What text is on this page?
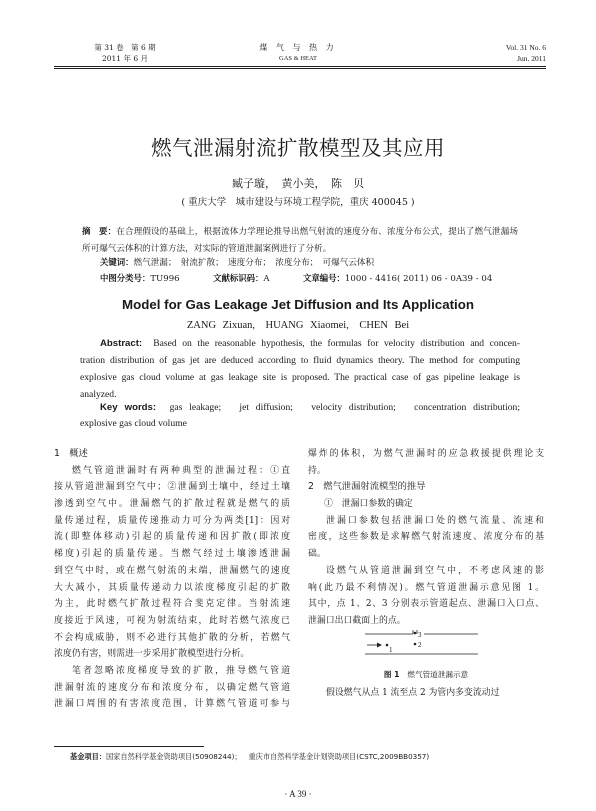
第 31 卷　第 6 期
2011 年 6 月
煤 气 与 热 力
GAS & HEAT
Vol. 31 No. 6
Jun. 2011
燃气泄漏射流扩散模型及其应用
臧子璇，　黄小美，　陈　贝
( 重庆大学　城市建设与环境工程学院，重庆 400045 )
摘　要：在合理假设的基础上，根据流体力学理论推导出燃气射流的速度分布、浓度分布公式，提出了燃气泄漏场所可爆气云体积的计算方法，对实际的管道泄漏案例进行了分析。
关键词：燃气泄漏；　射流扩散；　速度分布；　浓度分布；　可爆气云体积
中图分类号：TU996	文献标识码：A	文章编号：1000 - 4416( 2011) 06 - 0A39 - 04
Model for Gas Leakage Jet Diffusion and Its Application
ZANG Zixuan,　HUANG Xiaomei,　CHEN Bei
Abstract: Based on the reasonable hypothesis, the formulas for velocity distribution and concen-
tration distribution of gas jet are deduced according to fluid dynamics theory. The method for computing
explosive gas cloud volume at gas leakage site is proposed. The practical case of gas pipeline leakage is
analyzed.
Key words: gas leakage;　jet diffusion;　velocity distribution;　concentration distribution;
explosive gas cloud volume
1　概述
燃气管道泄漏时有两种典型的泄漏过程：①直
接从管道泄漏到空气中；②泄漏到土壤中，经过土壤
渗透到空气中。泄漏燃气的扩散过程就是燃气的质
量传递过程，质量传递推动力可分为两类[1]：因对
流(即整体移动)引起的质量传递和因扩散(即浓度
梯度)引起的质量传递。当燃气经过土壤渗透泄漏
到空气中时，或在燃气射流的末端，泄漏燃气的速度
大大减小，其质量传递动力以浓度梯度引起的扩散
为主，此时燃气扩散过程符合斐克定律。当射流速
度接近于风速，可视为射流结束，此时若燃气浓度已
不会构成威胁，则不必进行其他扩散的分析，若燃气
浓度仍有害，则需进一步采用扩散模型进行分析。
笔者忽略浓度梯度导致的扩散，推导燃气管道
泄漏射流的速度分布和浓度分布，以确定燃气管道
泄漏口周围的有害浓度范围，计算燃气管道可参与
爆炸的体积，为燃气泄漏时的应急救援提供理论支
持。
2　燃气泄漏射流模型的推导
①　泄漏口参数的确定
泄漏口参数包括泄漏口处的燃气流量、流速和
密度，这些参数是求解燃气射流速度、浓度分布的基
础。
设燃气从管道泄漏到空气中，不考虑风速的影
响(此乃最不利情况)。燃气管道泄漏示意见图 1。
其中，点 1、2、3 分别表示管道起点、泄漏口入口点、
泄漏口出口截面上的点。
1
2
3
图 1 燃气管道泄漏示意
假设燃气从点 1 流至点 2 为管内多变流动过
基金项目：国家自然科学基金资助项目(50908244)； 重庆市自然科学基金计划资助项目(CSTC,2009BB0357)
· A 39 ·
